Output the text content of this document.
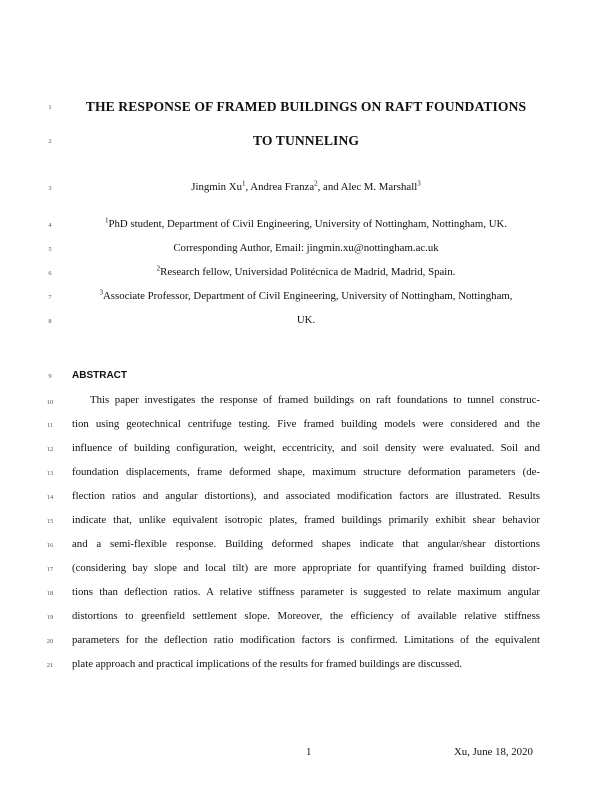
1
2
3
4
5
6
7
8
9
10
11
12
13
14
15
16
17
18
19
20
21
THE RESPONSE OF FRAMED BUILDINGS ON RAFT FOUNDATIONS
TO TUNNELING
Jingmin Xu$^1$, Andrea Franza$^2$, and Alec M. Marshall$^3$
$^1$PhD student, Department of Civil Engineering, University of Nottingham, Nottingham, UK.
Corresponding Author, Email: jingmin.xu@nottingham.ac.uk
$^2$Research fellow, Universidad Politécnica de Madrid, Madrid, Spain.
$^3$Associate Professor, Department of Civil Engineering, University of Nottingham, Nottingham,
UK.
ABSTRACT
This paper investigates the response of framed buildings on raft foundations to tunnel construc-
tion using geotechnical centrifuge testing. Five framed building models were considered and the
influence of building configuration, weight, eccentricity, and soil density were evaluated. Soil and
foundation displacements, frame deformed shape, maximum structure deformation parameters (de-
flection ratios and angular distortions), and associated modification factors are illustrated. Results
indicate that, unlike equivalent isotropic plates, framed buildings primarily exhibit shear behavior
and a semi-flexible response. Building deformed shapes indicate that angular/shear distortions
(considering bay slope and local tilt) are more appropriate for quantifying framed building distor-
tions than deflection ratios. A relative stiffness parameter is suggested to relate maximum angular
distortions to greenfield settlement slope. Moreover, the efficiency of available relative stiffness
parameters for the deflection ratio modification factors is confirmed. Limitations of the equivalent
plate approach and practical implications of the results for framed buildings are discussed.
1	Xu, June 18, 2020
